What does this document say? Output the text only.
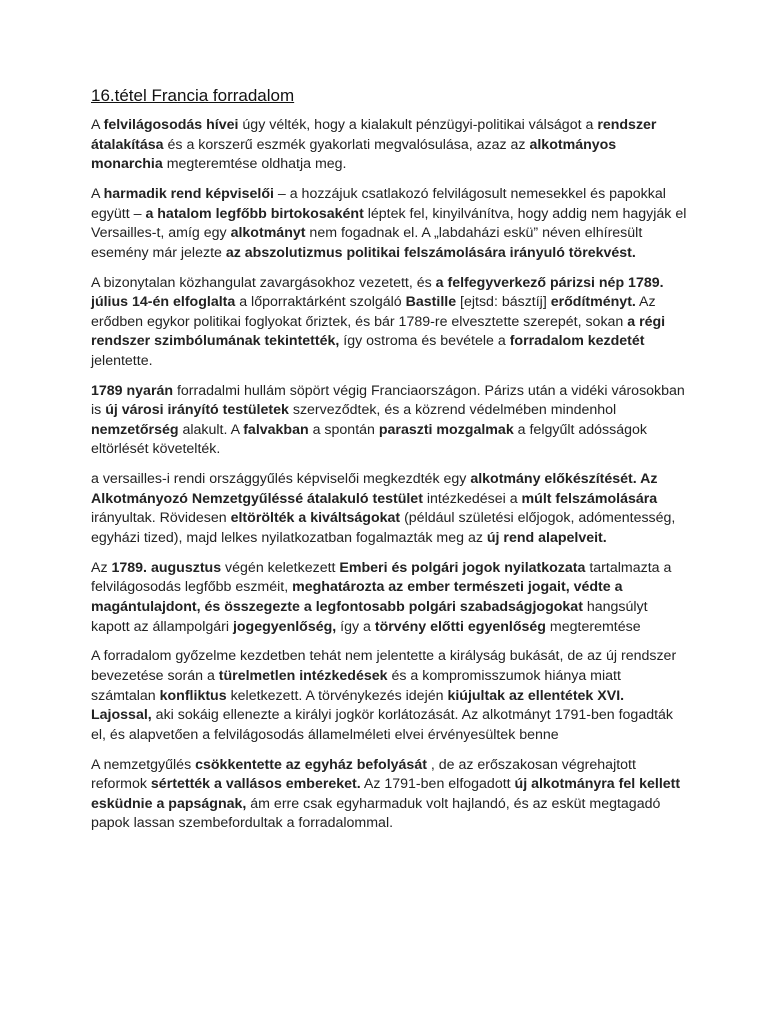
16.tétel Francia forradalom

A felvilágosodás hívei úgy vélték, hogy a kialakult pénzügyi-politikai válságot a rendszer átalakítása és a korszerű eszmék gyakorlati megvalósulása, azaz az alkotmányos monarchia megteremtése oldhatja meg.

A harmadik rend képviselői – a hozzájuk csatlakozó felvilágosult nemesekkel és papokkal együtt – a hatalom legfőbb birtokosaként léptek fel, kinyilvánítva, hogy addig nem hagyják el Versailles-t, amíg egy alkotmányt nem fogadnak el. A „labdaházi eskü” néven elhíresült esemény már jelezte az abszolutizmus politikai felszámolására irányuló törekvést.

A bizonytalan közhangulat zavargásokhoz vezetett, és a felfegyverkező párizsi nép 1789. július 14-én elfoglalta a lőporraktárként szolgáló Bastille [ejtsd: básztíj] erődítményt. Az erődben egykor politikai foglyokat őriztek, és bár 1789-re elvesztette szerepét, sokan a régi rendszer szimbólumának tekintették, így ostroma és bevétele a forradalom kezdetét jelentette.

1789 nyarán forradalmi hullám söpört végig Franciaországon. Párizs után a vidéki városokban is új városi irányító testületek szerveződtek, és a közrend védelmében mindenhol nemzetőrség alakult. A falvakban a spontán paraszti mozgalmak a felgyűlt adósságok eltörlését követelték.

a versailles-i rendi országgyűlés képviselői megkezdték egy alkotmány előkészítését. Az Alkotmányozó Nemzetgyűléssé átalakuló testület intézkedései a múlt felszámolására irányultak. Rövidesen eltörölték a kiváltságokat (például születési előjogok, adómentesség, egyházi tized), majd lelkes nyilatkozatban fogalmazták meg az új rend alapelveit.

Az 1789. augusztus végén keletkezett Emberi és polgári jogok nyilatkozata tartalmazta a felvilágosodás legfőbb eszméit, meghatározta az ember természeti jogait, védte a magántulajdont, és összegezte a legfontosabb polgári szabadságjogokat hangsúlyt kapott az állampolgári jogegyenlőség, így a törvény előtti egyenlőség megteremtése

A forradalom győzelme kezdetben tehát nem jelentette a királyság bukását, de az új rendszer bevezetése során a türelmetlen intézkedések és a kompromisszumok hiánya miatt számtalan konfliktus keletkezett. A törvénykezés idején kiújultak az ellentétek XVI. Lajossal, aki sokáig ellenezte a királyi jogkör korlátozását. Az alkotmányt 1791-ben fogadták el, és alapvetően a felvilágosodás államelméleti elvei érvényesültek benne

A nemzetgyűlés csökkentette az egyház befolyását , de az erőszakosan végrehajtott reformok sértették a vallásos embereket. Az 1791-ben elfogadott új alkotmányra fel kellett esküdnie a papságnak, ám erre csak egyharmaduk volt hajlandó, és az esküt megtagadó papok lassan szembefordultak a forradalommal.
